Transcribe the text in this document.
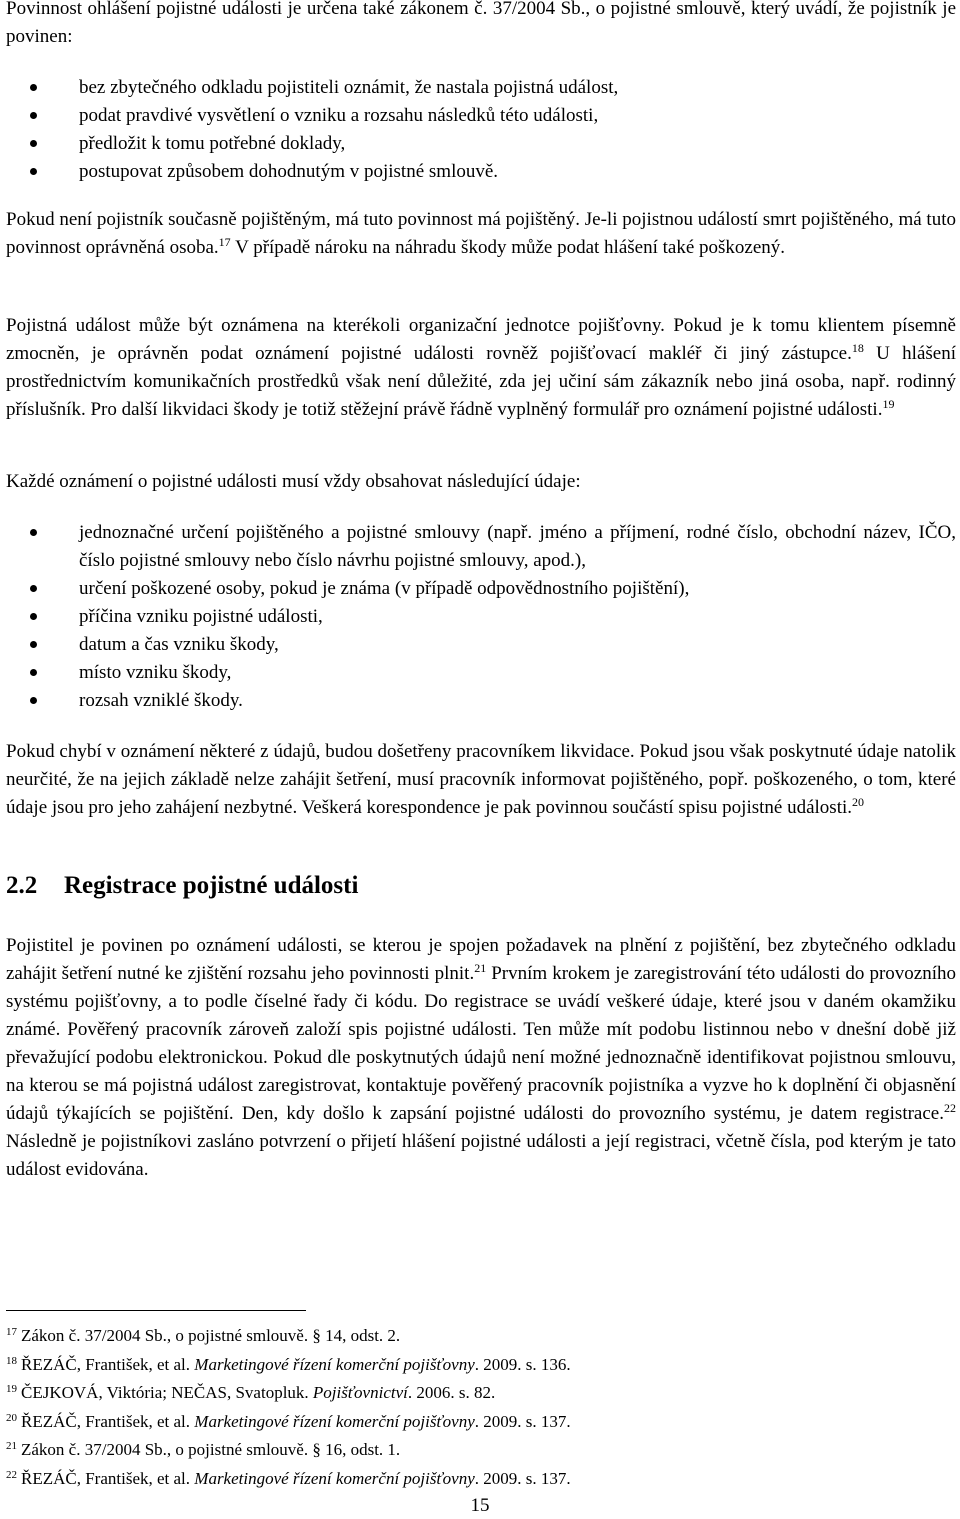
Povinnost ohlášení pojistné události je určena také zákonem č. 37/2004 Sb., o pojistné smlouvě, který uvádí, že pojistník je povinen:

bez zbytečného odkladu pojistiteli oznámit, že nastala pojistná událost,
podat pravdivé vysvětlení o vzniku a rozsahu následků této události,
předložit k tomu potřebné doklady,
postupovat způsobem dohodnutým v pojistné smlouvě.

Pokud není pojistník současně pojištěným, má tuto povinnost má pojištěný. Je-li pojistnou událostí smrt pojištěného, má tuto povinnost oprávněná osoba.$^{17}$ V případě nároku na náhradu škody může podat hlášení také poškozený.

Pojistná událost může být oznámena na kterékoli organizační jednotce pojišťovny. Pokud je k tomu klientem písemně zmocněn, je oprávněn podat oznámení pojistné události rovněž pojišťovací makléř či jiný zástupce.$^{18}$ U hlášení prostřednictvím komunikačních prostředků však není důležité, zda jej učiní sám zákazník nebo jiná osoba, např. rodinný příslušník. Pro další likvidaci škody je totiž stěžejní právě řádně vyplněný formulář pro oznámení pojistné události.$^{19}$

Každé oznámení o pojistné události musí vždy obsahovat následující údaje:

jednoznačné určení pojištěného a pojistné smlouvy (např. jméno a příjmení, rodné číslo, obchodní název, IČO, číslo pojistné smlouvy nebo číslo návrhu pojistné smlouvy, apod.),
určení poškozené osoby, pokud je známa (v případě odpovědnostního pojištění),
příčina vzniku pojistné události,
datum a čas vzniku škody,
místo vzniku škody,
rozsah vzniklé škody.

Pokud chybí v oznámení některé z údajů, budou došetřeny pracovníkem likvidace. Pokud jsou však poskytnuté údaje natolik neurčité, že na jejich základě nelze zahájit šetření, musí pracovník informovat pojištěného, popř. poškozeného, o tom, které údaje jsou pro jeho zahájení nezbytné. Veškerá korespondence je pak povinnou součástí spisu pojistné události.$^{20}$

2.2 Registrace pojistné události

Pojistitel je povinen po oznámení události, se kterou je spojen požadavek na plnění z pojištění, bez zbytečného odkladu zahájit šetření nutné ke zjištění rozsahu jeho povinnosti plnit.$^{21}$ Prvním krokem je zaregistrování této události do provozního systému pojišťovny, a to podle číselné řady či kódu. Do registrace se uvádí veškeré údaje, které jsou v daném okamžiku známé. Pověřený pracovník zároveň založí spis pojistné události. Ten může mít podobu listinnou nebo v dnešní době již převažující podobu elektronickou. Pokud dle poskytnutých údajů není možné jednoznačně identifikovat pojistnou smlouvu, na kterou se má pojistná událost zaregistrovat, kontaktuje pověřený pracovník pojistníka a vyzve ho k doplnění či objasnění údajů týkajících se pojištění. Den, kdy došlo k zapsání pojistné události do provozního systému, je datem registrace.$^{22}$ Následně je pojistníkovi zasláno potvrzení o přijetí hlášení pojistné události a její registraci, včetně čísla, pod kterým je tato událost evidována.

$^{17}$ Zákon č. 37/2004 Sb., o pojistné smlouvě. § 14, odst. 2.

$^{18}$ ŘEZÁČ, František, et al. Marketingové řízení komerční pojišťovny. 2009. s. 136.

$^{19}$ ČEJKOVÁ, Viktória; NEČAS, Svatopluk. Pojišťovnictví. 2006. s. 82.

$^{20}$ ŘEZÁČ, František, et al. Marketingové řízení komerční pojišťovny. 2009. s. 137.

$^{21}$ Zákon č. 37/2004 Sb., o pojistné smlouvě. § 16, odst. 1.

$^{22}$ ŘEZÁČ, František, et al. Marketingové řízení komerční pojišťovny. 2009. s. 137.

15
